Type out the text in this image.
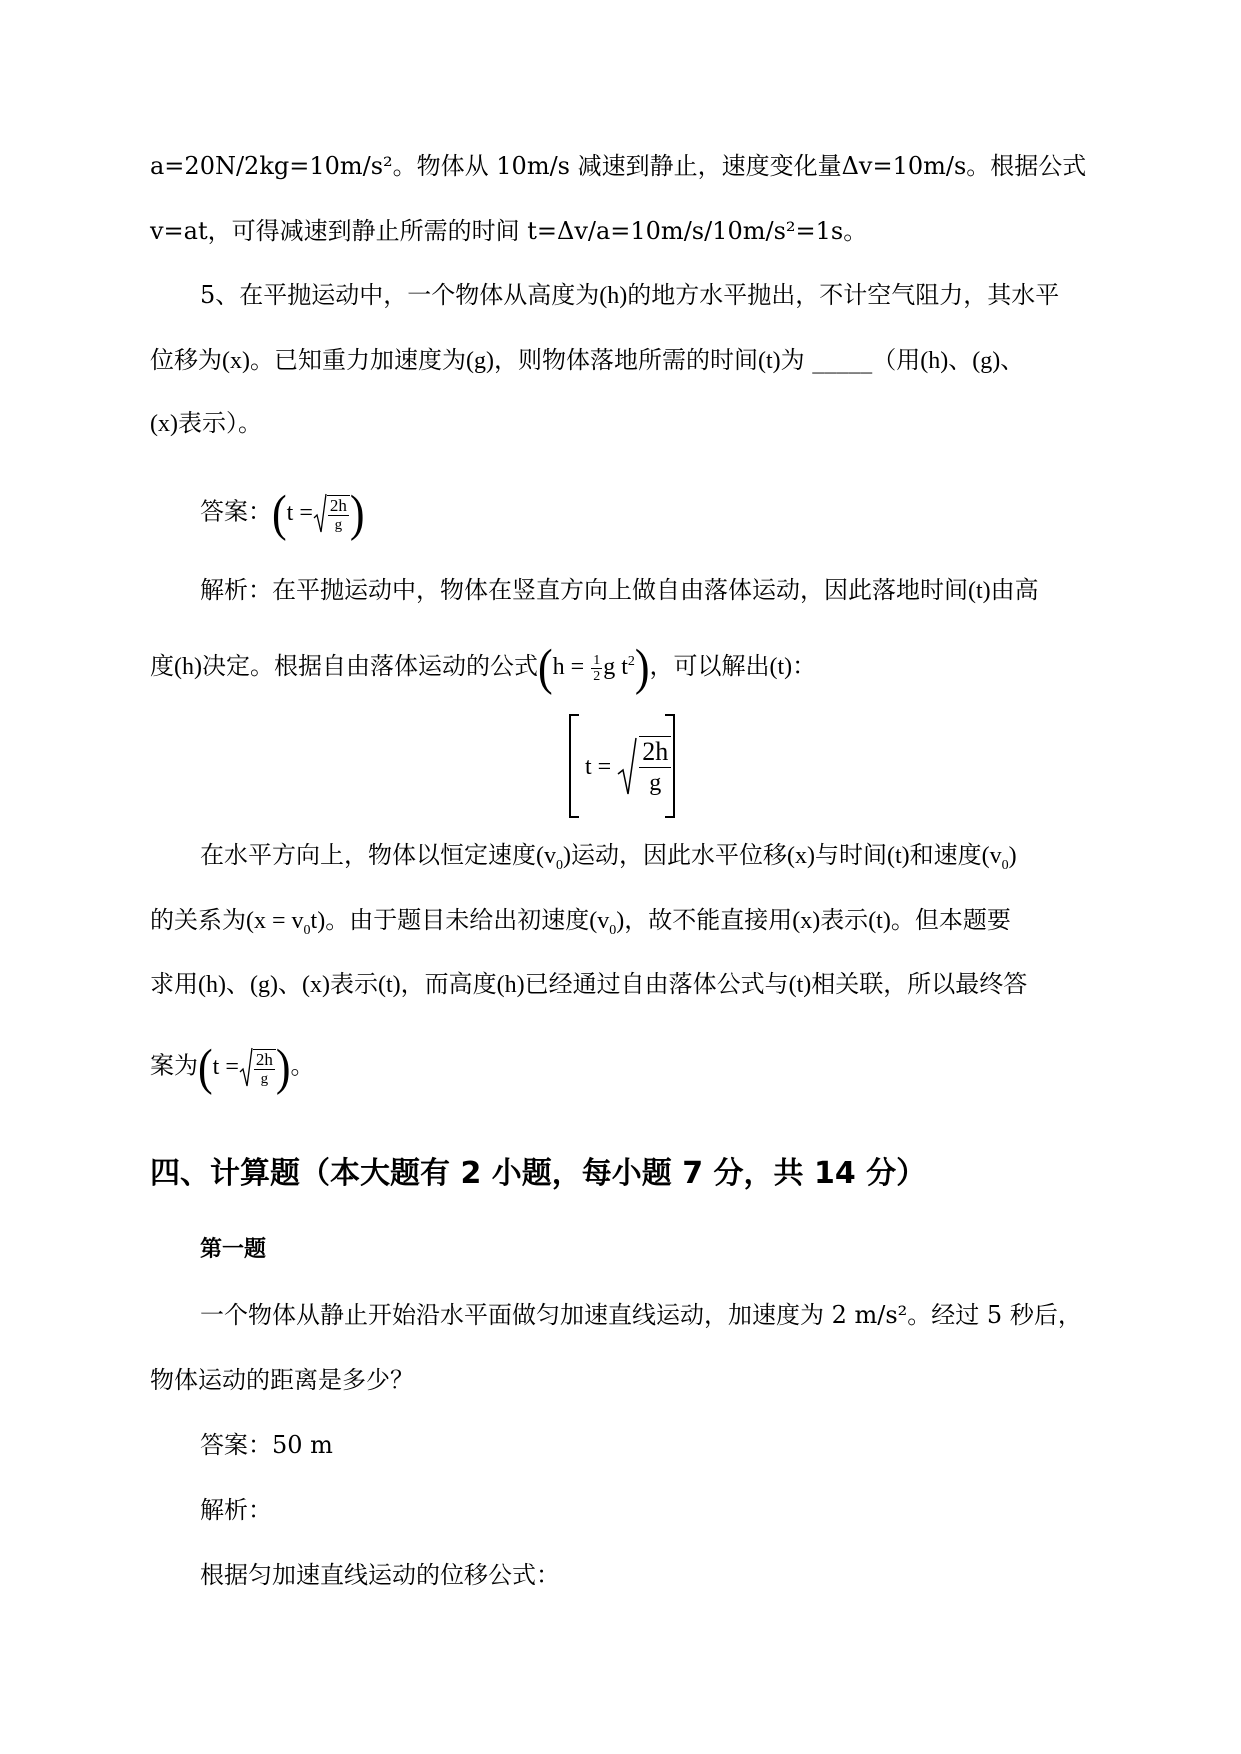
a=20N/2kg=10m/s²。物体从 10m/s 减速到静止，速度变化量Δv=10m/s。根据公式
v=at，可得减速到静止所需的时间 t=Δv/a=10m/s/10m/s²=1s。
5、在平抛运动中，一个物体从高度为(h)的地方水平抛出，不计空气阻力，其水平
位移为(x)。已知重力加速度为(g)，则物体落地所需的时间(t)为 _____（用(h)、(g)、
(x)表示）。
答案：($t = \frac{2h}{g}$ )
解析：在平抛运动中，物体在竖直方向上做自由落体运动，因此落地时间(t)由高
度(h)决定。根据自由落体运动的公式($h = \frac{1}{2}$ g $t^2$)，可以解出(t)：
$t = \frac{2h}{g}$
在水平方向上，物体以恒定速度$(v_0)$运动，因此水平位移(x)与时间(t)和速度$(v_0)$
的关系为$(x = v_0t)$。由于题目未给出初速度$(v_0)$，故不能直接用(x)表示(t)。但本题要
求用(h)、(g)、(x)表示(t)，而高度(h)已经通过自由落体公式与(t)相关联，所以最终答
案为($t = \frac{2h}{g}$ )。
四、计算题（本大题有 2 小题，每小题 7 分，共 14 分）
第一题
一个物体从静止开始沿水平面做匀加速直线运动，加速度为 2 m/s²。经过 5 秒后，
物体运动的距离是多少？
答案：50 m
解析：
根据匀加速直线运动的位移公式：
